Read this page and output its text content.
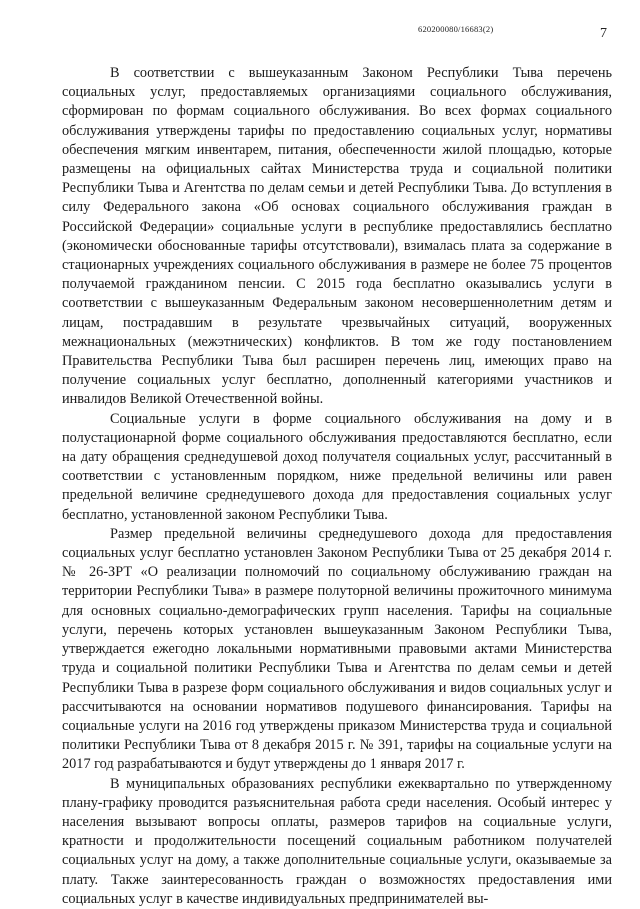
620200080/16683(2)	7

В соответствии с вышеуказанным Законом Республики Тыва перечень социальных услуг, предоставляемых организациями социального обслуживания, сформирован по формам социального обслуживания. Во всех формах социального обслуживания утверждены тарифы по предоставлению социальных услуг, нормативы обеспечения мягким инвентарем, питания, обеспеченности жилой площадью, которые размещены на официальных сайтах Министерства труда и социальной политики Республики Тыва и Агентства по делам семьи и детей Республики Тыва. До вступления в силу Федерального закона «Об основах социального обслуживания граждан в Российской Федерации» социальные услуги в республике предоставлялись бесплатно (экономически обоснованные тарифы отсутствовали), взималась плата за содержание в стационарных учреждениях социального обслуживания в размере не более 75 процентов получаемой гражданином пенсии. С 2015 года бесплатно оказывались услуги в соответствии с вышеуказанным Федеральным законом несовершеннолетним детям и лицам, пострадавшим в результате чрезвычайных ситуаций, вооруженных межнациональных (межэтнических) конфликтов. В том же году постановлением Правительства Республики Тыва был расширен перечень лиц, имеющих право на получение социальных услуг бесплатно, дополненный категориями участников и инвалидов Великой Отечественной войны.

Социальные услуги в форме социального обслуживания на дому и в полустационарной форме социального обслуживания предоставляются бесплатно, если на дату обращения среднедушевой доход получателя социальных услуг, рассчитанный в соответствии с установленным порядком, ниже предельной величины или равен предельной величине среднедушевого дохода для предоставления социальных услуг бесплатно, установленной законом Республики Тыва.

Размер предельной величины среднедушевого дохода для предоставления социальных услуг бесплатно установлен Законом Республики Тыва от 25 декабря 2014 г. № 26-ЗРТ «О реализации полномочий по социальному обслуживанию граждан на территории Республики Тыва» в размере полуторной величины прожиточного минимума для основных социально-демографических групп населения. Тарифы на социальные услуги, перечень которых установлен вышеуказанным Законом Республики Тыва, утверждается ежегодно локальными нормативными правовыми актами Министерства труда и социальной политики Республики Тыва и Агентства по делам семьи и детей Республики Тыва в разрезе форм социального обслуживания и видов социальных услуг и рассчитываются на основании нормативов подушевого финансирования. Тарифы на социальные услуги на 2016 год утверждены приказом Министерства труда и социальной политики Республики Тыва от 8 декабря 2015 г. № 391, тарифы на социальные услуги на 2017 год разрабатываются и будут утверждены до 1 января 2017 г.

В муниципальных образованиях республики ежеквартально по утвержденному плану-графику проводится разъяснительная работа среди населения. Особый интерес у населения вызывают вопросы оплаты, размеров тарифов на социальные услуги, кратности и продолжительности посещений социальным работником получателей социальных услуг на дому, а также дополнительные социальные услуги, оказываемые за плату. Также заинтересованность граждан о возможностях предоставления ими социальных услуг в качестве индивидуальных предпринимателей вы-
